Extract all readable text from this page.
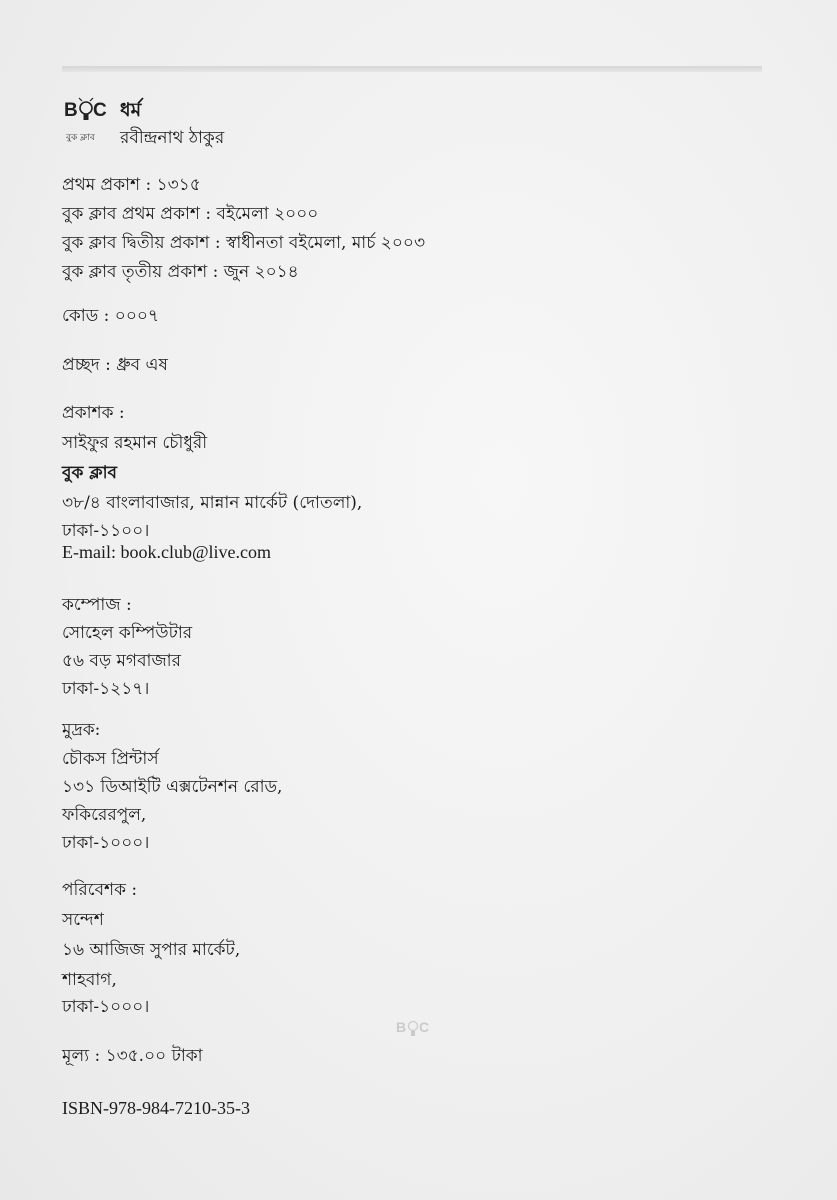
B C
বুক ক্লাব
ধর্ম
রবীন্দ্রনাথ ঠাকুর
প্রথম প্রকাশ : ১৩১৫
বুক ক্লাব প্রথম প্রকাশ : বইমেলা ২০০০
বুক ক্লাব দ্বিতীয় প্রকাশ : স্বাধীনতা বইমেলা, মার্চ ২০০৩
বুক ক্লাব তৃতীয় প্রকাশ : জুন ২০১৪
কোড : ০০০৭
প্রচ্ছদ : ধ্রুব এষ
প্রকাশক :
সাইফুর রহমান চৌধুরী
বুক ক্লাব
৩৮/৪ বাংলাবাজার, মান্নান মার্কেট (দোতলা),
ঢাকা-১১০০।
E-mail: book.club@live.com
কম্পোজ :
সোহেল কম্পিউটার
৫৬ বড় মগবাজার
ঢাকা-১২১৭।
মুদ্রক:
চৌকস প্রিন্টার্স
১৩১ ডিআইটি এক্সটেনশন রোড,
ফকিরেরপুল,
ঢাকা-১০০০।
পরিবেশক :
সন্দেশ
১৬ আজিজ সুপার মার্কেট,
শাহবাগ,
ঢাকা-১০০০।
B C
মূল্য : ১৩৫.০০ টাকা
ISBN-978-984-7210-35-3
